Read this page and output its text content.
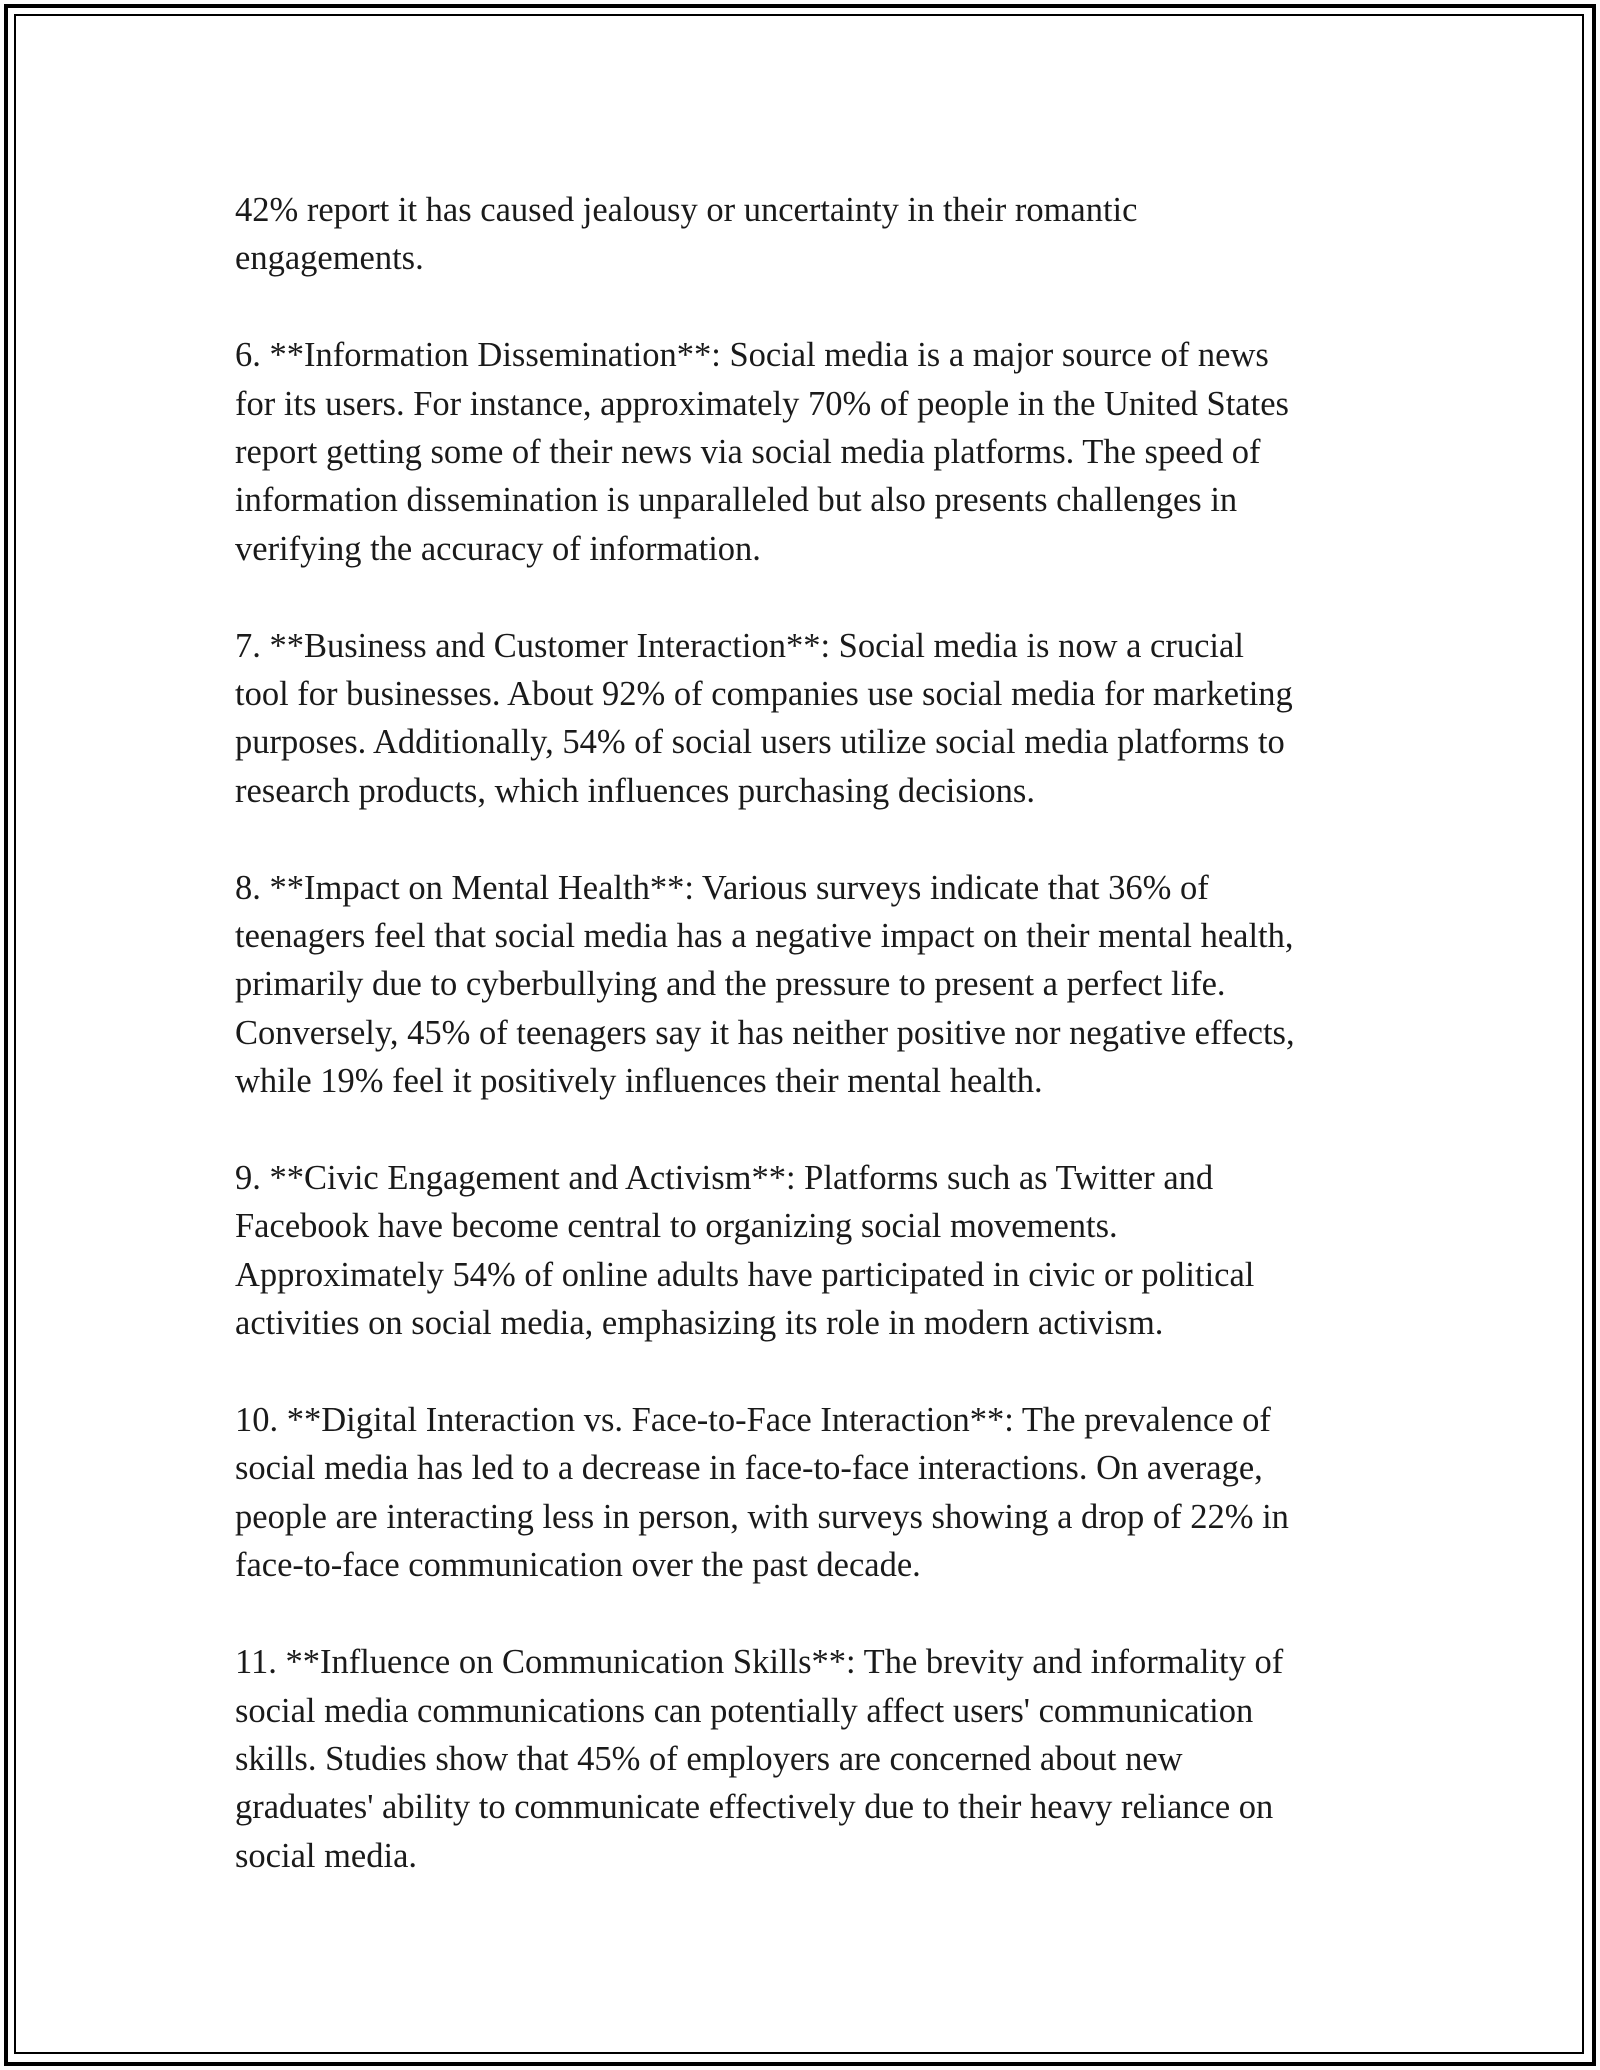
42% report it has caused jealousy or uncertainty in their romantic
engagements.

6. **Information Dissemination**: Social media is a major source of news
for its users. For instance, approximately 70% of people in the United States
report getting some of their news via social media platforms. The speed of
information dissemination is unparalleled but also presents challenges in
verifying the accuracy of information.

7. **Business and Customer Interaction**: Social media is now a crucial
tool for businesses. About 92% of companies use social media for marketing
purposes. Additionally, 54% of social users utilize social media platforms to
research products, which influences purchasing decisions.

8. **Impact on Mental Health**: Various surveys indicate that 36% of
teenagers feel that social media has a negative impact on their mental health,
primarily due to cyberbullying and the pressure to present a perfect life.
Conversely, 45% of teenagers say it has neither positive nor negative effects,
while 19% feel it positively influences their mental health.

9. **Civic Engagement and Activism**: Platforms such as Twitter and
Facebook have become central to organizing social movements.
Approximately 54% of online adults have participated in civic or political
activities on social media, emphasizing its role in modern activism.

10. **Digital Interaction vs. Face-to-Face Interaction**: The prevalence of
social media has led to a decrease in face-to-face interactions. On average,
people are interacting less in person, with surveys showing a drop of 22% in
face-to-face communication over the past decade.

11. **Influence on Communication Skills**: The brevity and informality of
social media communications can potentially affect users' communication
skills. Studies show that 45% of employers are concerned about new
graduates' ability to communicate effectively due to their heavy reliance on
social media.
